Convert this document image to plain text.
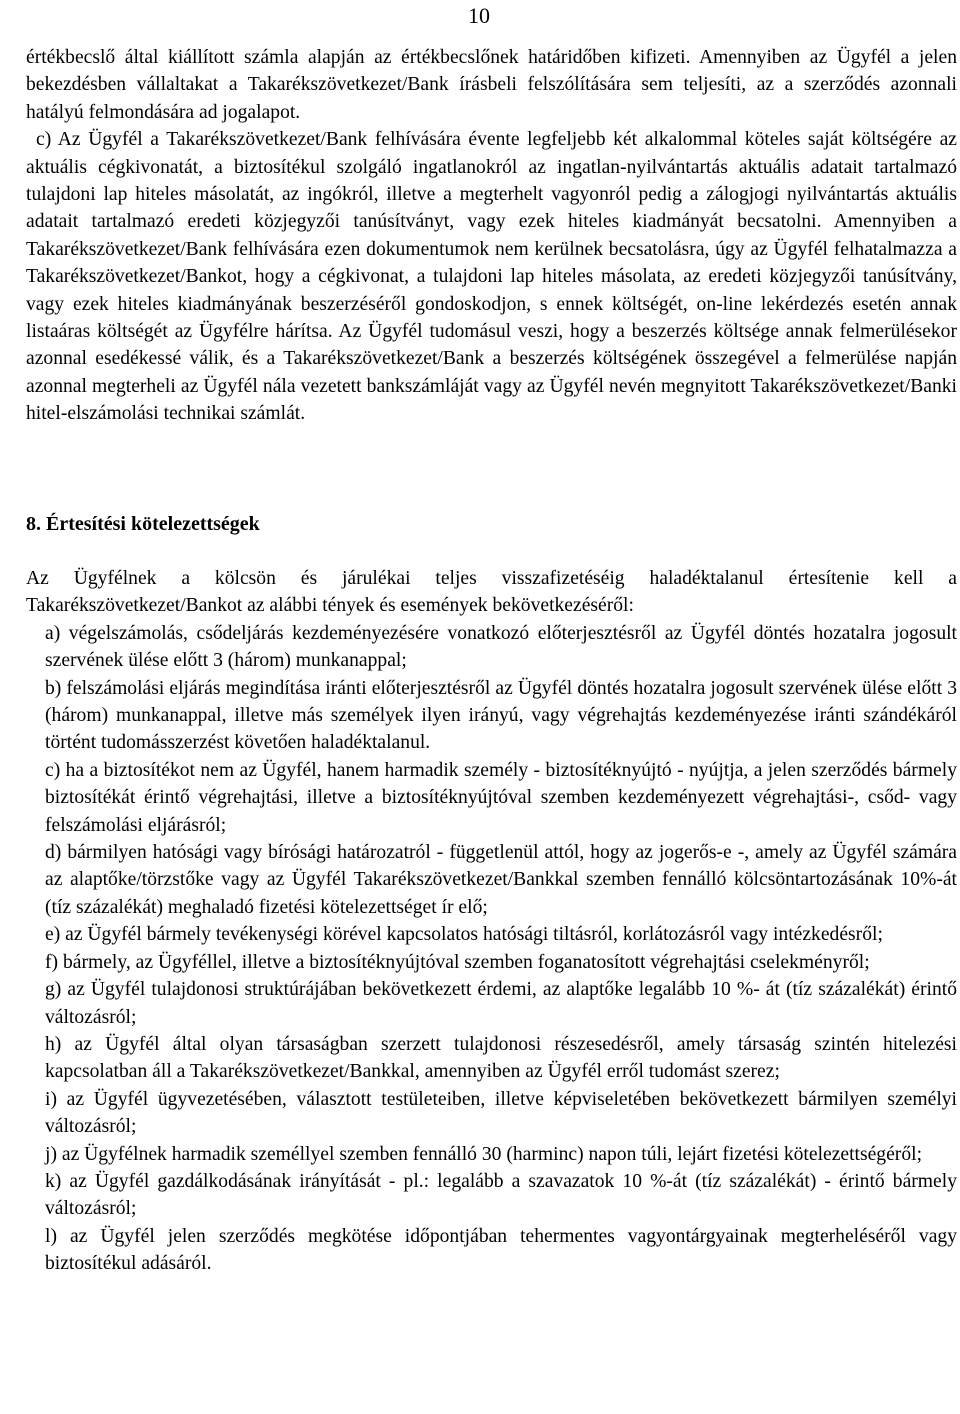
10

értékbecslő által kiállított számla alapján az értékbecslőnek határidőben kifizeti. Amennyiben az Ügyfél a jelen bekezdésben vállaltakat a Takarékszövetkezet/Bank írásbeli felszólítására sem teljesíti, az a szerződés azonnali hatályú felmondására ad jogalapot.

c) Az Ügyfél a Takarékszövetkezet/Bank felhívására évente legfeljebb két alkalommal köteles saját költségére az aktuális cégkivonatát, a biztosítékul szolgáló ingatlanokról az ingatlan-nyilvántartás aktuális adatait tartalmazó tulajdoni lap hiteles másolatát, az ingókról, illetve a megterhelt vagyonról pedig a zálogjogi nyilvántartás aktuális adatait tartalmazó eredeti közjegyzői tanúsítványt, vagy ezek hiteles kiadmányát becsatolni. Amennyiben a Takarékszövetkezet/Bank felhívására ezen dokumentumok nem kerülnek becsatolásra, úgy az Ügyfél felhatalmazza a Takarékszövetkezet/Bankot, hogy a cégkivonat, a tulajdoni lap hiteles másolata, az eredeti közjegyzői tanúsítvány, vagy ezek hiteles kiadmányának beszerzéséről gondoskodjon, s ennek költségét, on-line lekérdezés esetén annak listaáras költségét az Ügyfélre hárítsa. Az Ügyfél tudomásul veszi, hogy a beszerzés költsége annak felmerülésekor azonnal esedékessé válik, és a Takarékszövetkezet/Bank a beszerzés költségének összegével a felmerülése napján azonnal megterheli az Ügyfél nála vezetett bankszámláját vagy az Ügyfél nevén megnyitott Takarékszövetkezet/Banki hitel-elszámolási technikai számlát.

8. Értesítési kötelezettségek

Az Ügyfélnek a kölcsön és járulékai teljes visszafizetéséig haladéktalanul értesítenie kell a Takarékszövetkezet/Bankot az alábbi tények és események bekövetkezéséről:

a) végelszámolás, csődeljárás kezdeményezésére vonatkozó előterjesztésről az Ügyfél döntés hozatalra jogosult szervének ülése előtt 3 (három) munkanappal;
b) felszámolási eljárás megindítása iránti előterjesztésről az Ügyfél döntés hozatalra jogosult szervének ülése előtt 3 (három) munkanappal, illetve más személyek ilyen irányú, vagy végrehajtás kezdeményezése iránti szándékáról történt tudomásszerzést követően haladéktalanul.
c) ha a biztosítékot nem az Ügyfél, hanem harmadik személy - biztosítéknyújtó - nyújtja, a jelen szerződés bármely biztosítékát érintő végrehajtási, illetve a biztosítéknyújtóval szemben kezdeményezett végrehajtási-, csőd- vagy felszámolási eljárásról;
d) bármilyen hatósági vagy bírósági határozatról - függetlenül attól, hogy az jogerős-e -, amely az Ügyfél számára az alaptőke/törzstőke vagy az Ügyfél Takarékszövetkezet/Bankkal szemben fennálló kölcsöntartozásának 10%-át (tíz százalékát) meghaladó fizetési kötelezettséget ír elő;
e) az Ügyfél bármely tevékenységi körével kapcsolatos hatósági tiltásról, korlátozásról vagy intézkedésről;
f) bármely, az Ügyféllel, illetve a biztosítéknyújtóval szemben foganatosított végrehajtási cselekményről;
g) az Ügyfél tulajdonosi struktúrájában bekövetkezett érdemi, az alaptőke legalább 10 %- át (tíz százalékát) érintő változásról;
h) az Ügyfél által olyan társaságban szerzett tulajdonosi részesedésről, amely társaság szintén hitelezési kapcsolatban áll a Takarékszövetkezet/Bankkal, amennyiben az Ügyfél erről tudomást szerez;
i) az Ügyfél ügyvezetésében, választott testületeiben, illetve képviseletében bekövetkezett bármilyen személyi változásról;
j) az Ügyfélnek harmadik személlyel szemben fennálló 30 (harminc) napon túli, lejárt fizetési kötelezettségéről;
k) az Ügyfél gazdálkodásának irányítását - pl.: legalább a szavazatok 10 %-át (tíz százalékát) - érintő bármely változásról;
l) az Ügyfél jelen szerződés megkötése időpontjában tehermentes vagyontárgyainak megterheléséről vagy biztosítékul adásáról.
